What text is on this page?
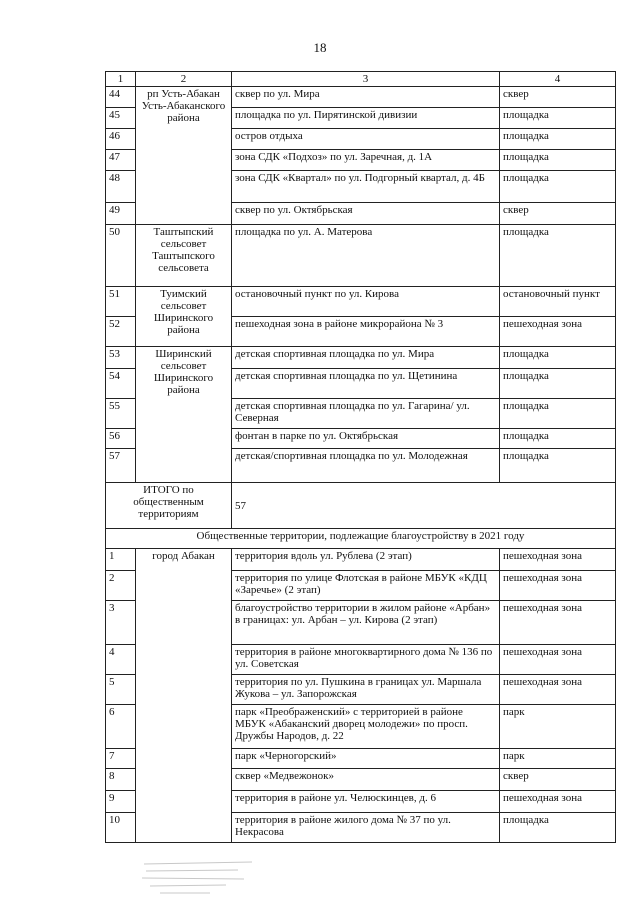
18
1	2	3	4
44	рп Усть-Абакан Усть-Абаканского района	сквер по ул. Мира	сквер
45		площадка по ул. Пирятинской дивизии	площадка
46		остров отдыха	площадка
47		зона СДК «Подхоз» по ул. Заречная, д. 1А	площадка
48		зона СДК «Квартал» по ул. Подгорный квартал, д. 4Б	площадка
49		сквер по ул. Октябрьская	сквер
50	Таштыпский сельсовет Таштыпского сельсовета	площадка по ул. А. Матерова	площадка
51	Туимский сельсовет Ширинского района	остановочный пункт по ул. Кирова	остановочный пункт
52		пешеходная зона в районе микрорайона № 3	пешеходная зона
53	Ширинский сельсовет Ширинского района	детская спортивная площадка по ул. Мира	площадка
54		детская спортивная площадка по ул. Щетинина	площадка
55		детская спортивная площадка по ул. Гагарина/ ул. Северная	площадка
56		фонтан в парке по ул. Октябрьская	площадка
57		детская/спортивная площадка по ул. Молодежная	площадка
ИТОГО по общественным территориям		57	
Общественные территории, подлежащие благоустройству в 2021 году			
1	город Абакан	территория вдоль ул. Рублева (2 этап)	пешеходная зона
2		территория по улице Флотская в районе МБУК «КДЦ «Заречье» (2 этап)	пешеходная зона
3		благоустройство территории в жилом районе «Арбан» в границах: ул. Арбан – ул. Кирова (2 этап)	пешеходная зона
4		территория в районе многоквартирного дома № 136 по ул. Советская	пешеходная зона
5		территория по ул. Пушкина в границах ул. Маршала Жукова – ул. Запорожская	пешеходная зона
6		парк «Преображенский» с территорией в районе МБУК «Абаканский дворец молодежи» по просп. Дружбы Народов, д. 22	парк
7		парк «Черногорский»	парк
8		сквер «Медвежонок»	сквер
9		территория в районе ул. Челюскинцев, д. 6	пешеходная зона
10		территория в районе жилого дома № 37 по ул. Некрасова	площадка
